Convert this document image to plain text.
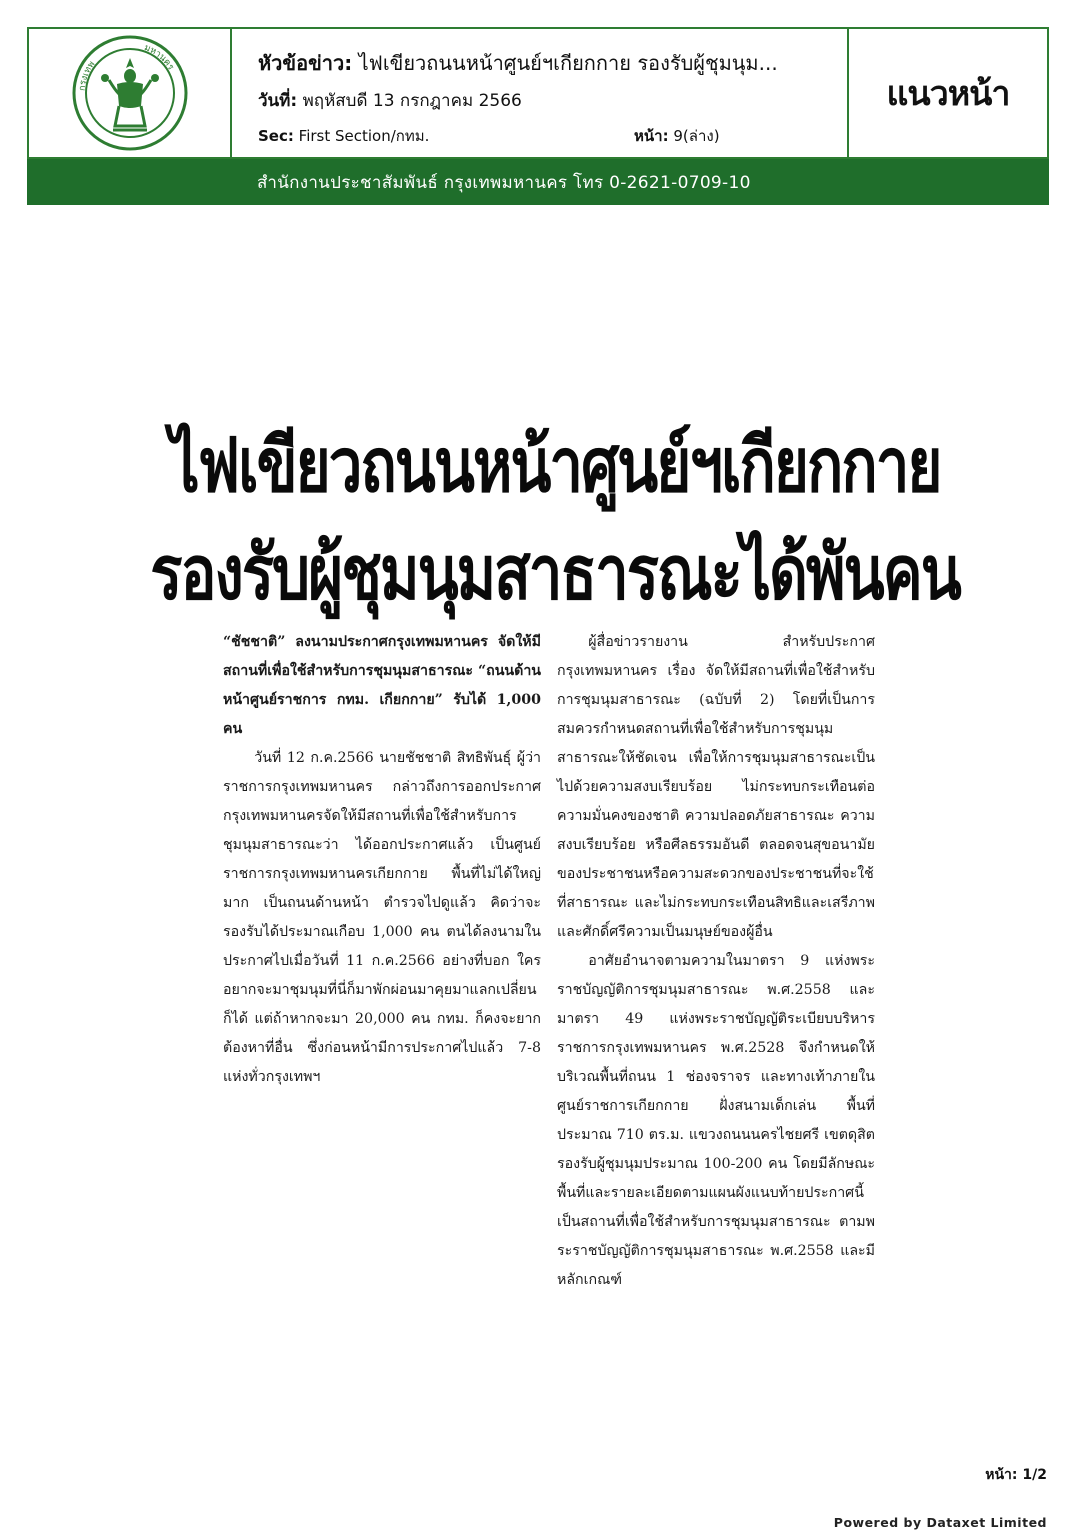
กรุงเทพ
มหานคร	หัวข้อข่าว: ไฟเขียวถนนหน้าศูนย์ฯเกียกกาย รองรับผู้ชุมนุม...
วันที่: พฤหัสบดี 13 กรกฎาคม 2566
Sec: First Section/กทม.	หน้า: 9(ล่าง)
แนวหน้า
สำนักงานประชาสัมพันธ์ กรุงเทพมหานคร โทร 0-2621-0709-10
ไฟเขียวถนนหน้าศูนย์ฯเกียกกาย
รองรับผู้ชุมนุมสาธารณะได้พันคน

“ชัชชาติ” ลงนามประกาศกรุงเทพมหานคร จัดให้มีสถานที่เพื่อใช้สำหรับการชุมนุมสาธารณะ “ถนนด้านหน้าศูนย์ราชการ กทม. เกียกกาย” รับได้ 1,000 คน

วันที่ 12 ก.ค.2566 นายชัชชาติ สิทธิพันธุ์ ผู้ว่าราชการกรุงเทพมหานคร กล่าวถึงการออกประกาศกรุงเทพมหานครจัดให้มีสถานที่เพื่อใช้สำหรับการชุมนุมสาธารณะว่า ได้ออกประกาศแล้ว เป็นศูนย์ราชการกรุงเทพมหานครเกียกกาย พื้นที่ไม่ได้ใหญ่มาก เป็นถนนด้านหน้า ตำรวจไปดูแล้ว คิดว่าจะรองรับได้ประมาณเกือบ 1,000 คน ตนได้ลงนามในประกาศไปเมื่อวันที่ 11 ก.ค.2566 อย่างที่บอก ใครอยากจะมาชุมนุมที่นี่ก็มาพักผ่อนมาคุยมาแลกเปลี่ยนก็ได้ แต่ถ้าหากจะมา 20,000 คน กทม. ก็คงจะยากต้องหาที่อื่น ซึ่งก่อนหน้ามีการประกาศไปแล้ว 7-8 แห่งทั่วกรุงเทพฯ

ผู้สื่อข่าวรายงาน สำหรับประกาศกรุงเทพมหานคร เรื่อง จัดให้มีสถานที่เพื่อใช้สำหรับการชุมนุมสาธารณะ (ฉบับที่ 2) โดยที่เป็นการสมควรกำหนดสถานที่เพื่อใช้สำหรับการชุมนุมสาธารณะให้ชัดเจน เพื่อให้การชุมนุมสาธารณะเป็นไปด้วยความสงบเรียบร้อย ไม่กระทบกระเทือนต่อความมั่นคงของชาติ ความปลอดภัยสาธารณะ ความสงบเรียบร้อย หรือศีลธรรมอันดี ตลอดจนสุขอนามัยของประชาชนหรือความสะดวกของประชาชนที่จะใช้ที่สาธารณะ และไม่กระทบกระเทือนสิทธิและเสรีภาพและศักดิ์ศรีความเป็นมนุษย์ของผู้อื่น

อาศัยอำนาจตามความในมาตรา 9 แห่งพระราชบัญญัติการชุมนุมสาธารณะ พ.ศ.2558 และมาตรา 49 แห่งพระราชบัญญัติระเบียบบริหารราชการกรุงเทพมหานคร พ.ศ.2528 จึงกำหนดให้บริเวณพื้นที่ถนน 1 ช่องจราจร และทางเท้าภายในศูนย์ราชการเกียกกาย ฝั่งสนามเด็กเล่น พื้นที่ประมาณ 710 ตร.ม. แขวงถนนนครไชยศรี เขตดุสิต รองรับผู้ชุมนุมประมาณ 100-200 คน โดยมีลักษณะพื้นที่และรายละเอียดตามแผนผังแนบท้ายประกาศนี้ เป็นสถานที่เพื่อใช้สำหรับการชุมนุมสาธารณะ ตามพระราชบัญญัติการชุมนุมสาธารณะ พ.ศ.2558 และมีหลักเกณฑ์

หน้า: 1/2
Powered by Dataxet Limited
